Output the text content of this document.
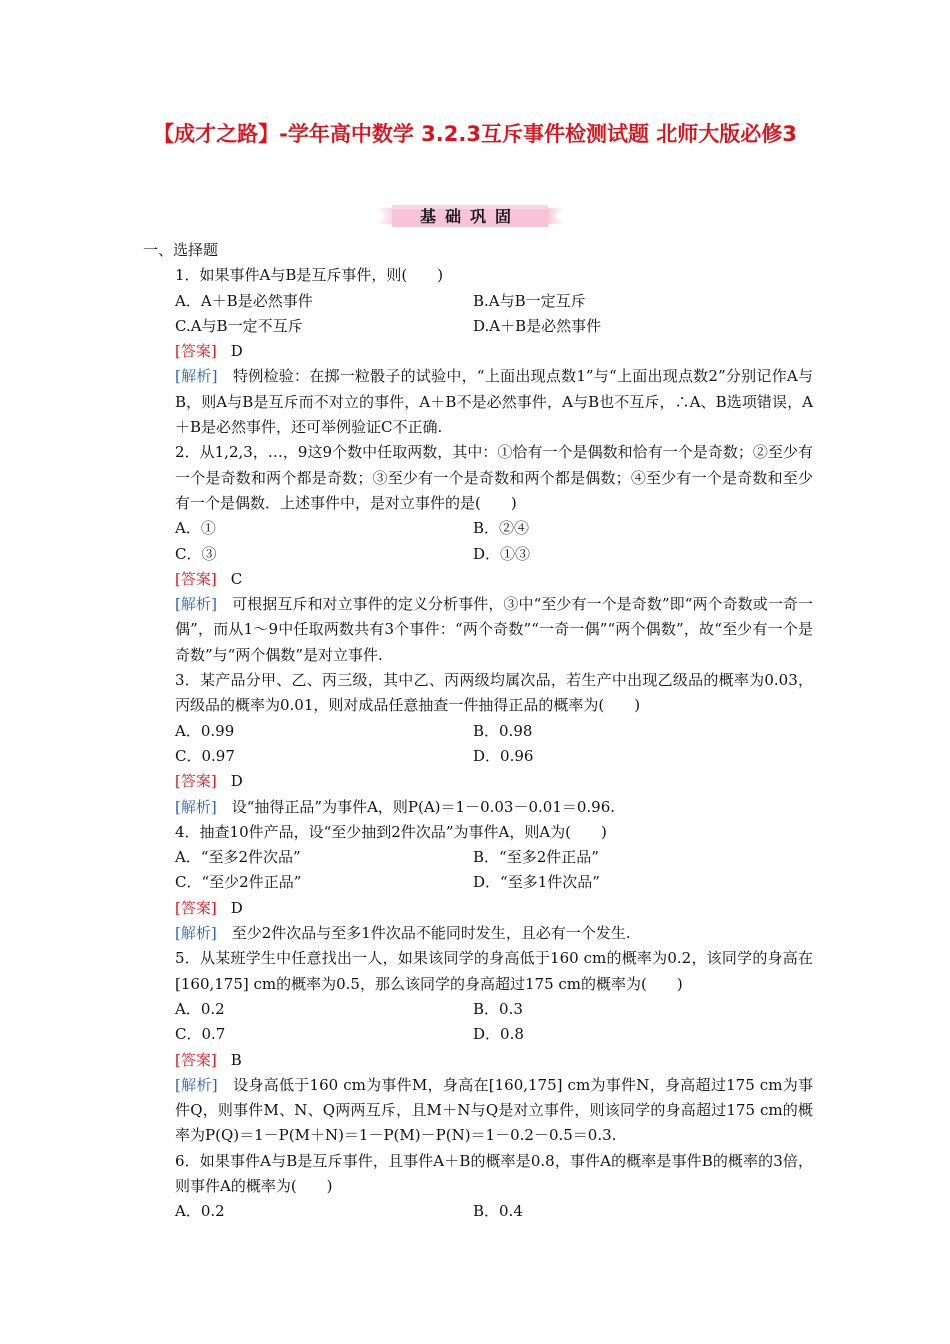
【成才之路】-学年高中数学 3.2.3互斥事件检测试题 北师大版必修3
基础巩固
一、选择题
1．如果事件A与B是互斥事件，则(　　)
A．A＋B是必然事件	B.A与B一定互斥
C.A与B一定不互斥	D.A＋B是必然事件
[答案] D
[解析]　 特例检验：在掷一粒骰子的试验中，“上面出现点数1”与“上面出现点数2”分别记作A与B，则A与B是互斥而不对立的事件，A＋B不是必然事件，A与B也不互斥，∴A、B选项错误，A＋B是必然事件，还可举例验证C不正确.
2．从1,2,3，…，9这9个数中任取两数，其中：①恰有一个是偶数和恰有一个是奇数；②至少有一个是奇数和两个都是奇数；③至少有一个是奇数和两个都是偶数；④至少有一个是奇数和至少有一个是偶数．上述事件中，是对立事件的是(　　)
A．①	B．②④
C．③	D．①③
[答案] C
[解析]　 可根据互斥和对立事件的定义分析事件，③中“至少有一个是奇数”即“两个奇数或一奇一偶”，而从1～9中任取两数共有3个事件：“两个奇数”“一奇一偶”“两个偶数”，故“至少有一个是奇数”与“两个偶数”是对立事件.
3．某产品分甲、乙、丙三级，其中乙、丙两级均属次品，若生产中出现乙级品的概率为0.03，丙级品的概率为0.01，则对成品任意抽查一件抽得正品的概率为(　　)
A．0.99	B．0.98
C．0.97	D．0.96
[答案] D
[解析]　 设“抽得正品”为事件A，则P(A)＝1－0.03－0.01＝0.96.
4．抽查10件产品，设“至少抽到2件次品”为事件A，则A为(　　)
A．“至多2件次品”	B．“至多2件正品”
C．“至少2件正品”	D．“至多1件次品”
[答案] D
[解析]　 至少2件次品与至多1件次品不能同时发生，且必有一个发生.
5．从某班学生中任意找出一人，如果该同学的身高低于160 cm的概率为0.2，该同学的身高在[160,175] cm的概率为0.5，那么该同学的身高超过175 cm的概率为(　　)
A．0.2	B．0.3
C．0.7	D．0.8
[答案] B
[解析]　 设身高低于160 cm为事件M，身高在[160,175] cm为事件N，身高超过175 cm为事件Q，则事件M、N、Q两两互斥，且M＋N与Q是对立事件，则该同学的身高超过175 cm的概率为P(Q)＝1－P(M＋N)＝1－P(M)－P(N)＝1－0.2－0.5＝0.3.
6．如果事件A与B是互斥事件，且事件A＋B的概率是0.8，事件A的概率是事件B的概率的3倍，则事件A的概率为(　　)
A．0.2	B．0.4
